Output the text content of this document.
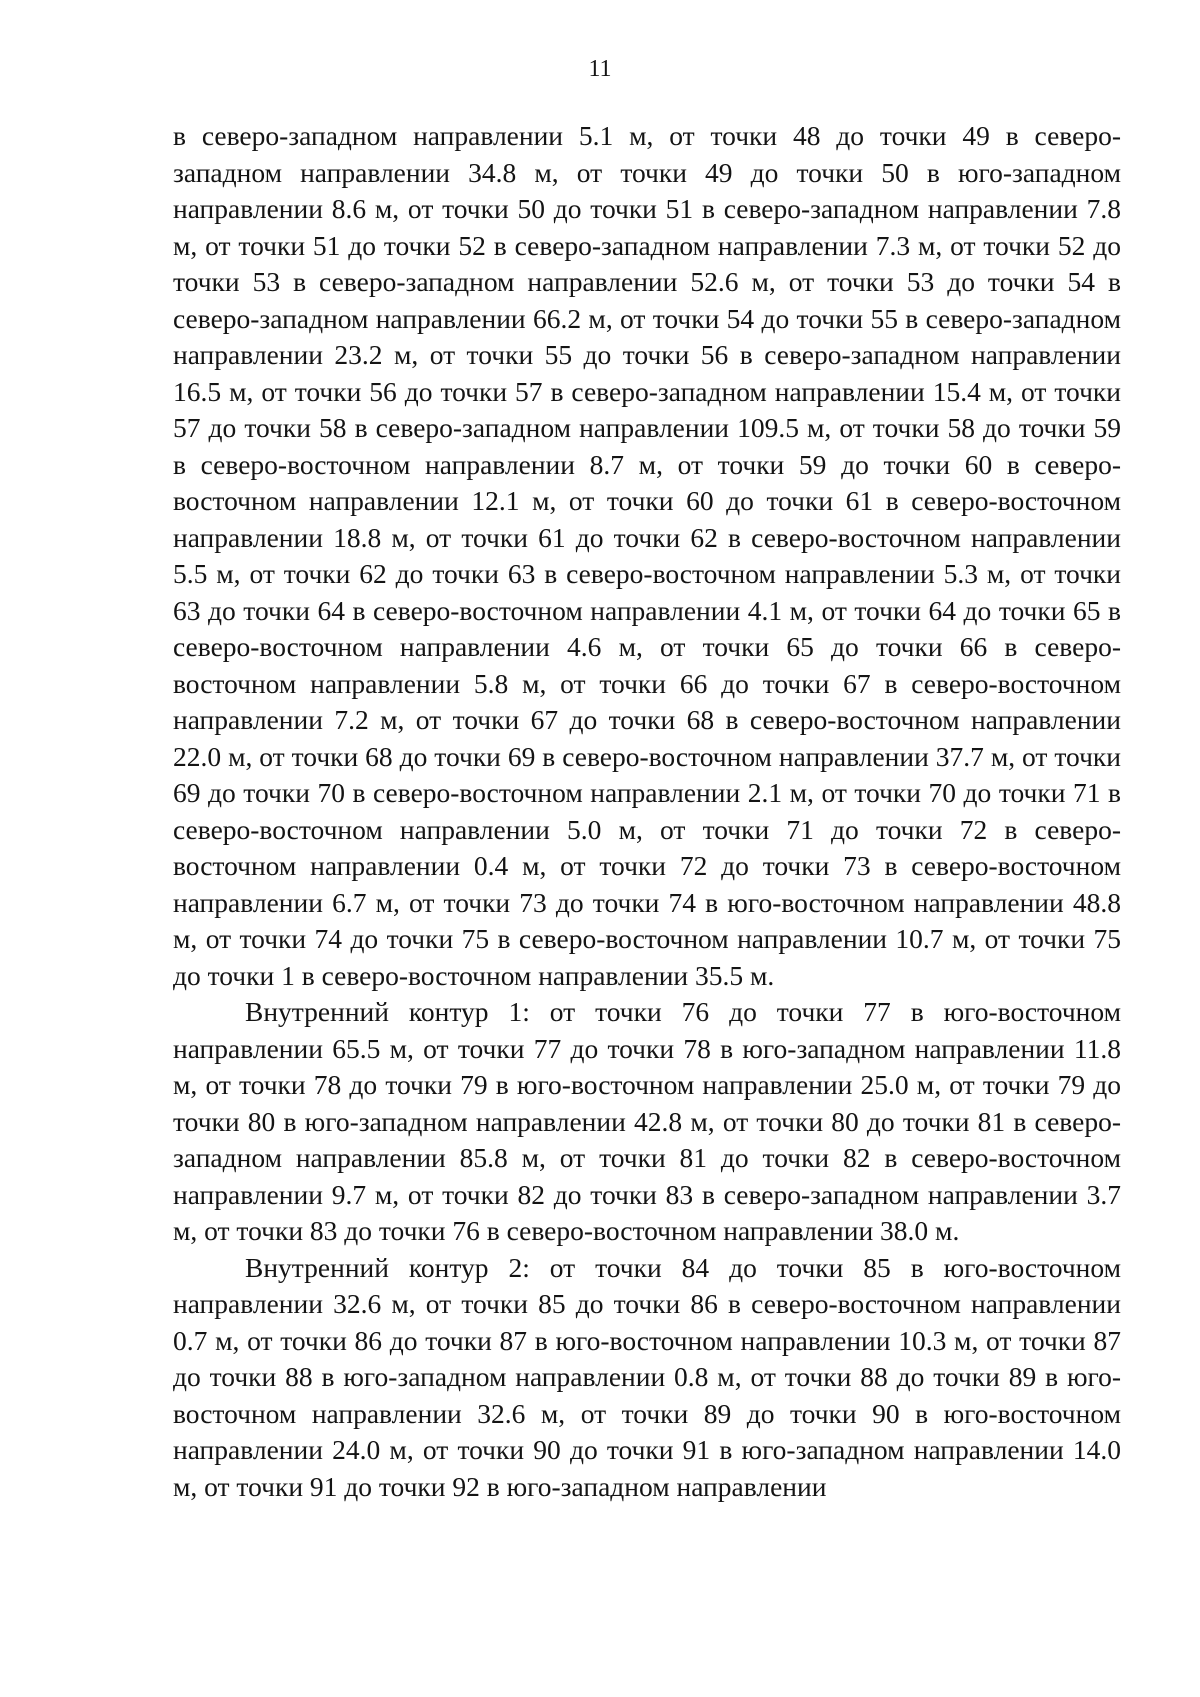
11

в северо-западном направлении 5.1 м, от точки 48 до точки 49 в северо-западном направлении 34.8 м, от точки 49 до точки 50 в юго-западном направлении 8.6 м, от точки 50 до точки 51 в северо-западном направлении 7.8 м, от точки 51 до точки 52 в северо-западном направлении 7.3 м, от точки 52 до точки 53 в северо-западном направлении 52.6 м, от точки 53 до точки 54 в северо-западном направлении 66.2 м, от точки 54 до точки 55 в северо-западном направлении 23.2 м, от точки 55 до точки 56 в северо-западном направлении 16.5 м, от точки 56 до точки 57 в северо-западном направлении 15.4 м, от точки 57 до точки 58 в северо-западном направлении 109.5 м, от точки 58 до точки 59 в северо-восточном направлении 8.7 м, от точки 59 до точки 60 в северо-восточном направлении 12.1 м, от точки 60 до точки 61 в северо-восточном направлении 18.8 м, от точки 61 до точки 62 в северо-восточном направлении 5.5 м, от точки 62 до точки 63 в северо-восточном направлении 5.3 м, от точки 63 до точки 64 в северо-восточном направлении 4.1 м, от точки 64 до точки 65 в северо-восточном направлении 4.6 м, от точки 65 до точки 66 в северо-восточном направлении 5.8 м, от точки 66 до точки 67 в северо-восточном направлении 7.2 м, от точки 67 до точки 68 в северо-восточном направлении 22.0 м, от точки 68 до точки 69 в северо-восточном направлении 37.7 м, от точки 69 до точки 70 в северо-восточном направлении 2.1 м, от точки 70 до точки 71 в северо-восточном направлении 5.0 м, от точки 71 до точки 72 в северо-восточном направлении 0.4 м, от точки 72 до точки 73 в северо-восточном направлении 6.7 м, от точки 73 до точки 74 в юго-восточном направлении 48.8 м, от точки 74 до точки 75 в северо-восточном направлении 10.7 м, от точки 75 до точки 1 в северо-восточном направлении 35.5 м.

Внутренний контур 1: от точки 76 до точки 77 в юго-восточном направлении 65.5 м, от точки 77 до точки 78 в юго-западном направлении 11.8 м, от точки 78 до точки 79 в юго-восточном направлении 25.0 м, от точки 79 до точки 80 в юго-западном направлении 42.8 м, от точки 80 до точки 81 в северо-западном направлении 85.8 м, от точки 81 до точки 82 в северо-восточном направлении 9.7 м, от точки 82 до точки 83 в северо-западном направлении 3.7 м, от точки 83 до точки 76 в северо-восточном направлении 38.0 м.

Внутренний контур 2: от точки 84 до точки 85 в юго-восточном направлении 32.6 м, от точки 85 до точки 86 в северо-восточном направлении 0.7 м, от точки 86 до точки 87 в юго-восточном направлении 10.3 м, от точки 87 до точки 88 в юго-западном направлении 0.8 м, от точки 88 до точки 89 в юго-восточном направлении 32.6 м, от точки 89 до точки 90 в юго-восточном направлении 24.0 м, от точки 90 до точки 91 в юго-западном направлении 14.0 м, от точки 91 до точки 92 в юго-западном направлении
